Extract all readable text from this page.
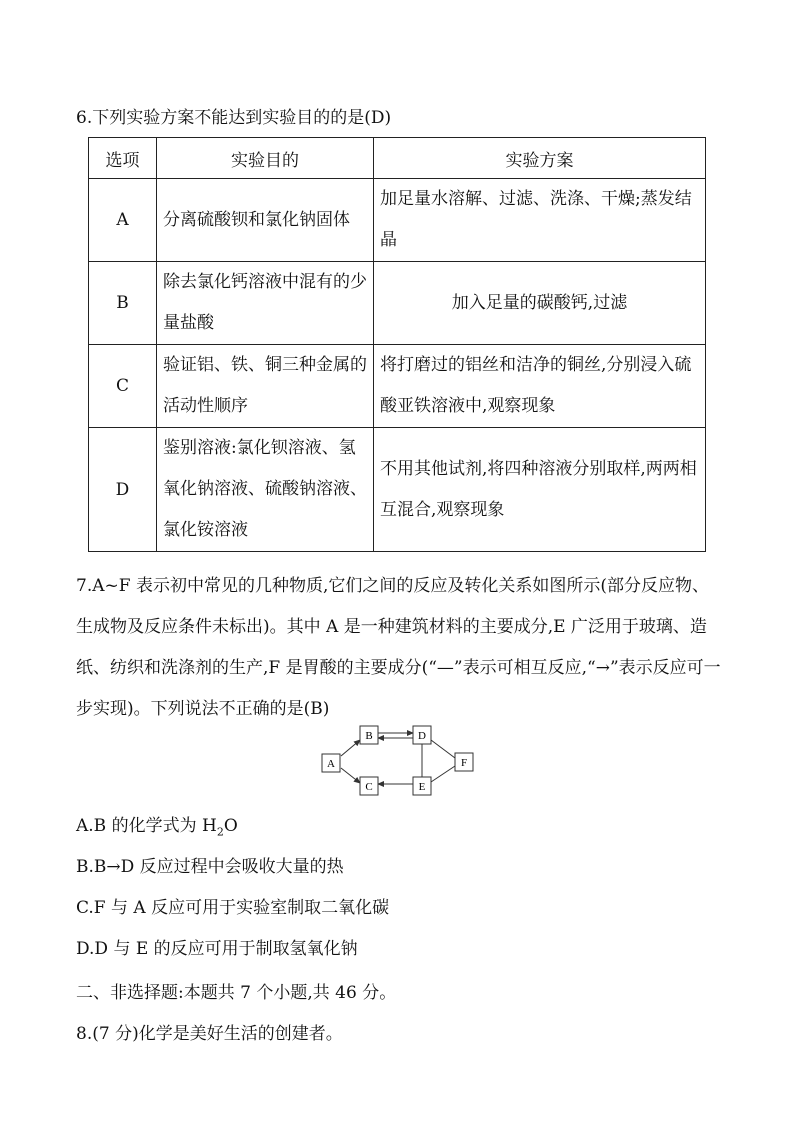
6.下列实验方案不能达到实验目的的是(D)
选项	实验目的	实验方案
A	分离硫酸钡和氯化钠固体	加足量水溶解、过滤、洗涤、干燥;蒸发结晶
B	除去氯化钙溶液中混有的少量盐酸	加入足量的碳酸钙,过滤
C	验证铝、铁、铜三种金属的活动性顺序	将打磨过的铝丝和洁净的铜丝,分别浸入硫酸亚铁溶液中,观察现象
D	鉴别溶液:氯化钡溶液、氢氧化钠溶液、硫酸钠溶液、氯化铵溶液	不用其他试剂,将四种溶液分别取样,两两相互混合,观察现象
7.A~F 表示初中常见的几种物质,它们之间的反应及转化关系如图所示(部分反应物、生成物及反应条件未标出)。其中 A 是一种建筑材料的主要成分,E 广泛用于玻璃、造纸、纺织和洗涤剂的生产,F 是胃酸的主要成分(“—”表示可相互反应,“→”表示反应可一步实现)。下列说法不正确的是(B)
A
B
C
D
E
F
A.B 的化学式为 $H_2O$
B.B→D 反应过程中会吸收大量的热
C.F 与 A 反应可用于实验室制取二氧化碳
D.D 与 E 的反应可用于制取氢氧化钠
二、非选择题:本题共 7 个小题,共 46 分。
8.(7 分)化学是美好生活的创建者。
